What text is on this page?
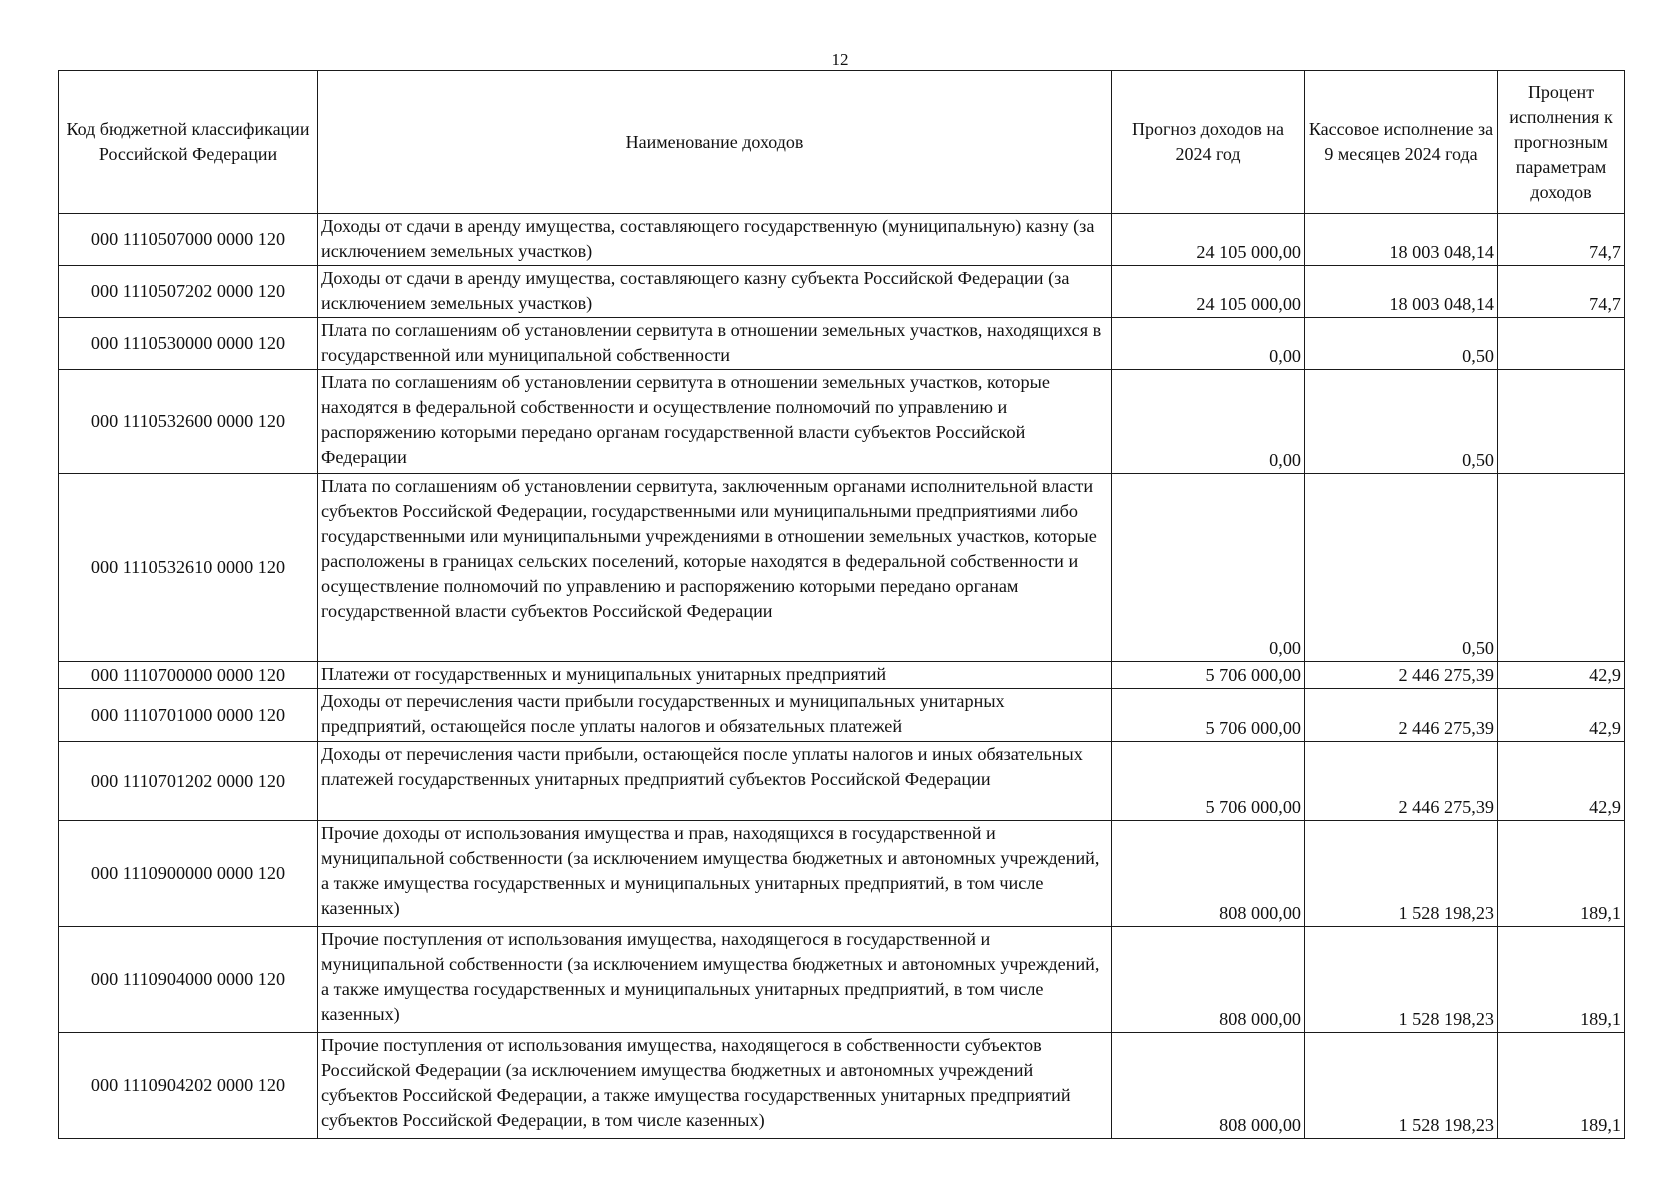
12
Код бюджетной классификации Российской Федерации	Наименование доходов	Прогноз доходов на 2024 год	Кассовое исполнение за 9 месяцев 2024 года	Процент исполнения к прогнозным параметрам доходов
000 1110507000 0000 120	Доходы от сдачи в аренду имущества, составляющего государственную (муниципальную) казну (за исключением земельных участков)	24 105 000,00	18 003 048,14	74,7
000 1110507202 0000 120	Доходы от сдачи в аренду имущества, составляющего казну субъекта Российской Федерации (за исключением земельных участков)	24 105 000,00	18 003 048,14	74,7
000 1110530000 0000 120	Плата по соглашениям об установлении сервитута в отношении земельных участков, находящихся в государственной или муниципальной собственности	0,00	0,50	
000 1110532600 0000 120	Плата по соглашениям об установлении сервитута в отношении земельных участков, которые находятся в федеральной собственности и осуществление полномочий по управлению и распоряжению которыми передано органам государственной власти субъектов Российской Федерации	0,00	0,50	
000 1110532610 0000 120	Плата по соглашениям об установлении сервитута, заключенным органами исполнительной власти субъектов Российской Федерации, государственными или муниципальными предприятиями либо государственными или муниципальными учреждениями в отношении земельных участков, которые расположены в границах сельских поселений, которые находятся в федеральной собственности и осуществление полномочий по управлению и распоряжению которыми передано органам государственной власти субъектов Российской Федерации	0,00	0,50	
000 1110700000 0000 120	Платежи от государственных и муниципальных унитарных предприятий	5 706 000,00	2 446 275,39	42,9
000 1110701000 0000 120	Доходы от перечисления части прибыли государственных и муниципальных унитарных предприятий, остающейся после уплаты налогов и обязательных платежей	5 706 000,00	2 446 275,39	42,9
000 1110701202 0000 120	Доходы от перечисления части прибыли, остающейся после уплаты налогов и иных обязательных платежей государственных унитарных предприятий субъектов Российской Федерации	5 706 000,00	2 446 275,39	42,9
000 1110900000 0000 120	Прочие доходы от использования имущества и прав, находящихся в государственной и муниципальной собственности (за исключением имущества бюджетных и автономных учреждений, а также имущества государственных и муниципальных унитарных предприятий, в том числе казенных)	808 000,00	1 528 198,23	189,1
000 1110904000 0000 120	Прочие поступления от использования имущества, находящегося в государственной и муниципальной собственности (за исключением имущества бюджетных и автономных учреждений, а также имущества государственных и муниципальных унитарных предприятий, в том числе казенных)	808 000,00	1 528 198,23	189,1
000 1110904202 0000 120	Прочие поступления от использования имущества, находящегося в собственности субъектов Российской Федерации (за исключением имущества бюджетных и автономных учреждений субъектов Российской Федерации, а также имущества государственных унитарных предприятий субъектов Российской Федерации, в том числе казенных)	808 000,00	1 528 198,23	189,1
